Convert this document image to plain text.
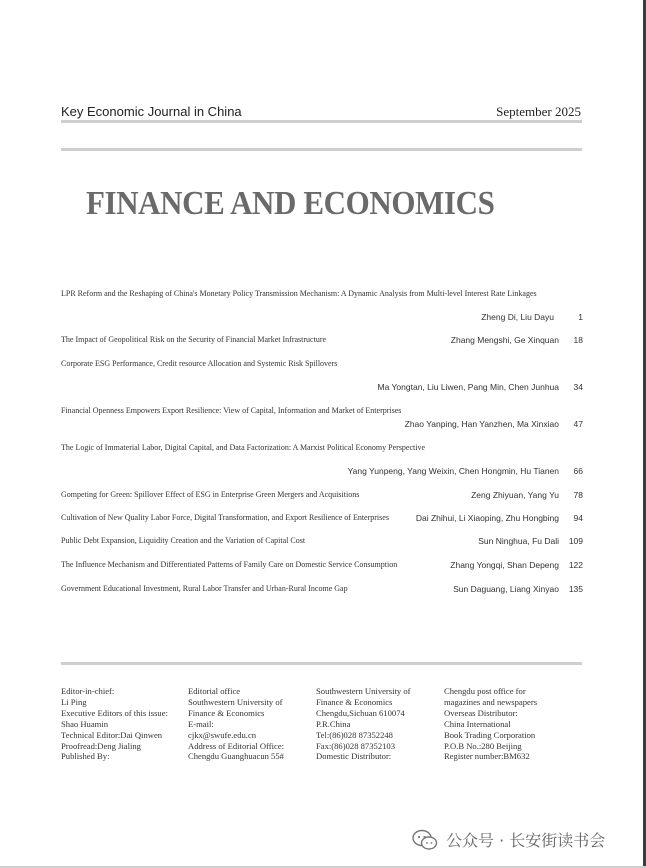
Key Economic Journal in China	September 2025
FINANCE AND ECONOMICS
LPR Reform and the Reshaping of China's Monetary Policy Transmission Mechanism: A Dynamic Analysis from Multi-level Interest Rate Linkages
Zheng Di, Liu Dayu	1
The Impact of Geopolitical Risk on the Security of Financial Market Infrastructure	Zhang Mengshi, Ge Xinquan	18
Corporate ESG Performance, Credit resource Allocation and Systemic Risk Spillovers
Ma Yongtan, Liu Liwen, Pang Min, Chen Junhua	34
Financial Openness Empowers Export Resilience: View of Capital, Information and Market of Enterprises
Zhao Yanping, Han Yanzhen, Ma Xinxiao	47
The Logic of Immaterial Labor, Digital Capital, and Data Factorization: A Marxist Political Economy Perspective
Yang Yunpeng, Yang Weixin, Chen Hongmin, Hu Tianen	66
Gompeting for Green: Spillover Effect of ESG in Enterprise Green Mergers and Acquisitions	Zeng Zhiyuan, Yang Yu	78
Cultivation of New Quality Labor Force, Digital Transformation, and Export Resilience of Enterprises	Dai Zhihui, Li Xiaoping, Zhu Hongbing	94
Public Debt Expansion, Liquidity Creation and the Variation of Capital Cost	Sun Ninghua, Fu Dali	109
The Influence Mechanism and Differentiated Patterns of Family Care on Domestic Service Consumption	Zhang Yongqi, Shan Depeng	122
Government Educational Investment, Rural Labor Transfer and Urban-Rural Income Gap	Sun Daguang, Liang Xinyao	135
Editor-in-chief:
Li Ping
Executive Editors of this issue:
Shao Huamin
Technical Editor:Dai Qinwen
Proofread:Deng Jialing
Published By:
Editorial office
Southwestern University of
Finance & Economics
E-mail:
cjkx@swufe.edu.cn
Address of Editorial Office:
Chengdu Guanghuacun 55#
Southwestern University of
Finance & Economics
Chengdu,Sichuan 610074
P.R.China
Tel:(86)028 87352248
Fax:(86)028 87352103
Domestic Distributor:
Chengdu post office for
magazines and newspapers
Overseas Distributor:
China International
Book Trading Corporation
P.O.B No.:280 Beijing
Register number:BM632
公众号 · 长安街读书会
